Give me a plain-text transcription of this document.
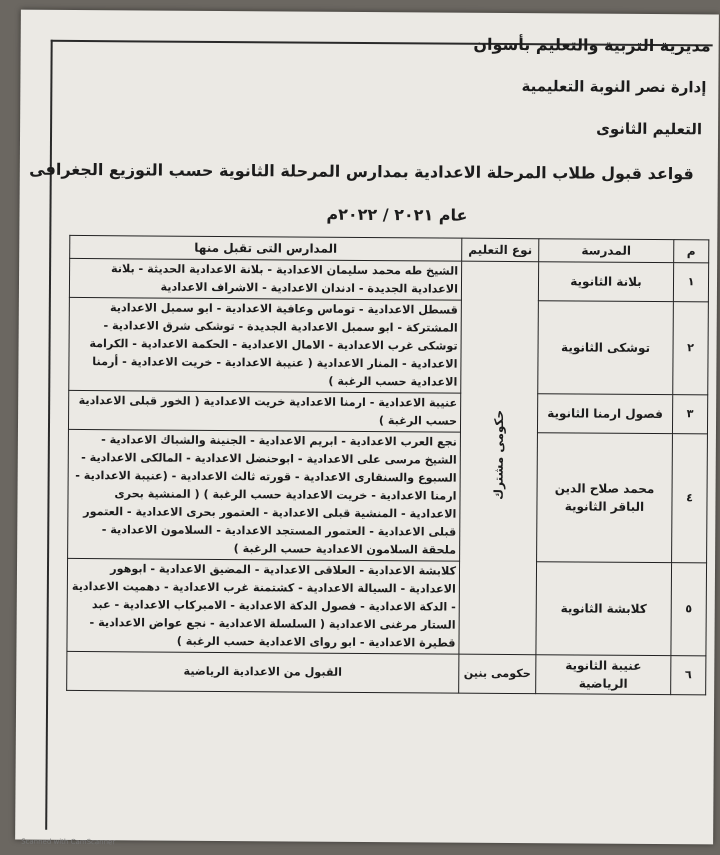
مديرية التربية والتعليم بأسوان
إدارة نصر النوبة التعليمية
التعليم الثانوى
قواعد قبول طلاب المرحلة الاعدادية بمدارس المرحلة الثانوية حسب التوزيع الجغرافى
عام ٢٠٢١ / ٢٠٢٢م
م	المدرسة	نوع التعليم	المدارس التى تقبل منها
١	بلانة الثانوية	حكومى مشترك	الشيخ طه محمد سليمان الاعدادية - بلانة الاعدادية الحديثة - بلانة الاعدادية الجديدة - ادندان الاعدادية - الاشراف الاعدادية
٢	توشكى الثانوية		قسطل الاعدادية - توماس وعافية الاعدادية - ابو سمبل الاعدادية المشتركة - ابو سمبل الاعدادية الجديدة - توشكى شرق الاعدادية - توشكى غرب الاعدادية - الامال الاعدادية - الحكمة الاعدادية - الكرامة الاعدادية - المنار الاعدادية ( عنيبة الاعدادية - خريت الاعدادية - أرمنا الاعدادية حسب الرغبة )
٣	فصول ارمنا الثانوية		عنيبة الاعدادية - ارمنا الاعدادية خريت الاعدادية ( الخور قبلى الاعدادية حسب الرغبة )
٤	محمد صلاح الدين الباقر الثانوية		نجع العرب الاعدادية - ابريم الاعدادية - الجنينة والشباك الاعدادية - الشيخ مرسى على الاعدادية - ابوحنضل الاعدادية - المالكى الاعدادية - السبوع والسنقارى الاعدادية - قورته ثالث الاعدادية - (عنيبة الاعدادية - ارمنا الاعدادية - خريت الاعدادية حسب الرغبة ) ( المنشية بحرى الاعدادية - المنشية قبلى الاعدادية - العتمور بحرى الاعدادية - العتمور قبلى الاعدادية - العتمور المستجد الاعدادية - السلامون الاعدادية - ملحقة السلامون الاعدادية حسب الرغبة )
٥	كلابشة الثانوية		كلابشة الاعدادية - العلاقى الاعدادية - المضيق الاعدادية - ابوهور الاعدادية - السيالة الاعدادية - كشتمنة غرب الاعدادية - دهميت الاعدادية - الدكة الاعدادية - فصول الدكة الاعدادية - الامبركاب الاعدادية - عبد الستار مرغنى الاعدادية ( السلسلة الاعدادية - نجع عواض الاعدادية - قطيرة الاعدادية - ابو رواى الاعدادية حسب الرغبة )
٦	عنيبة الثانوية الرياضية	حكومى بنين	القبول من الاعدادية الرياضية
Scanned with CamScanner
